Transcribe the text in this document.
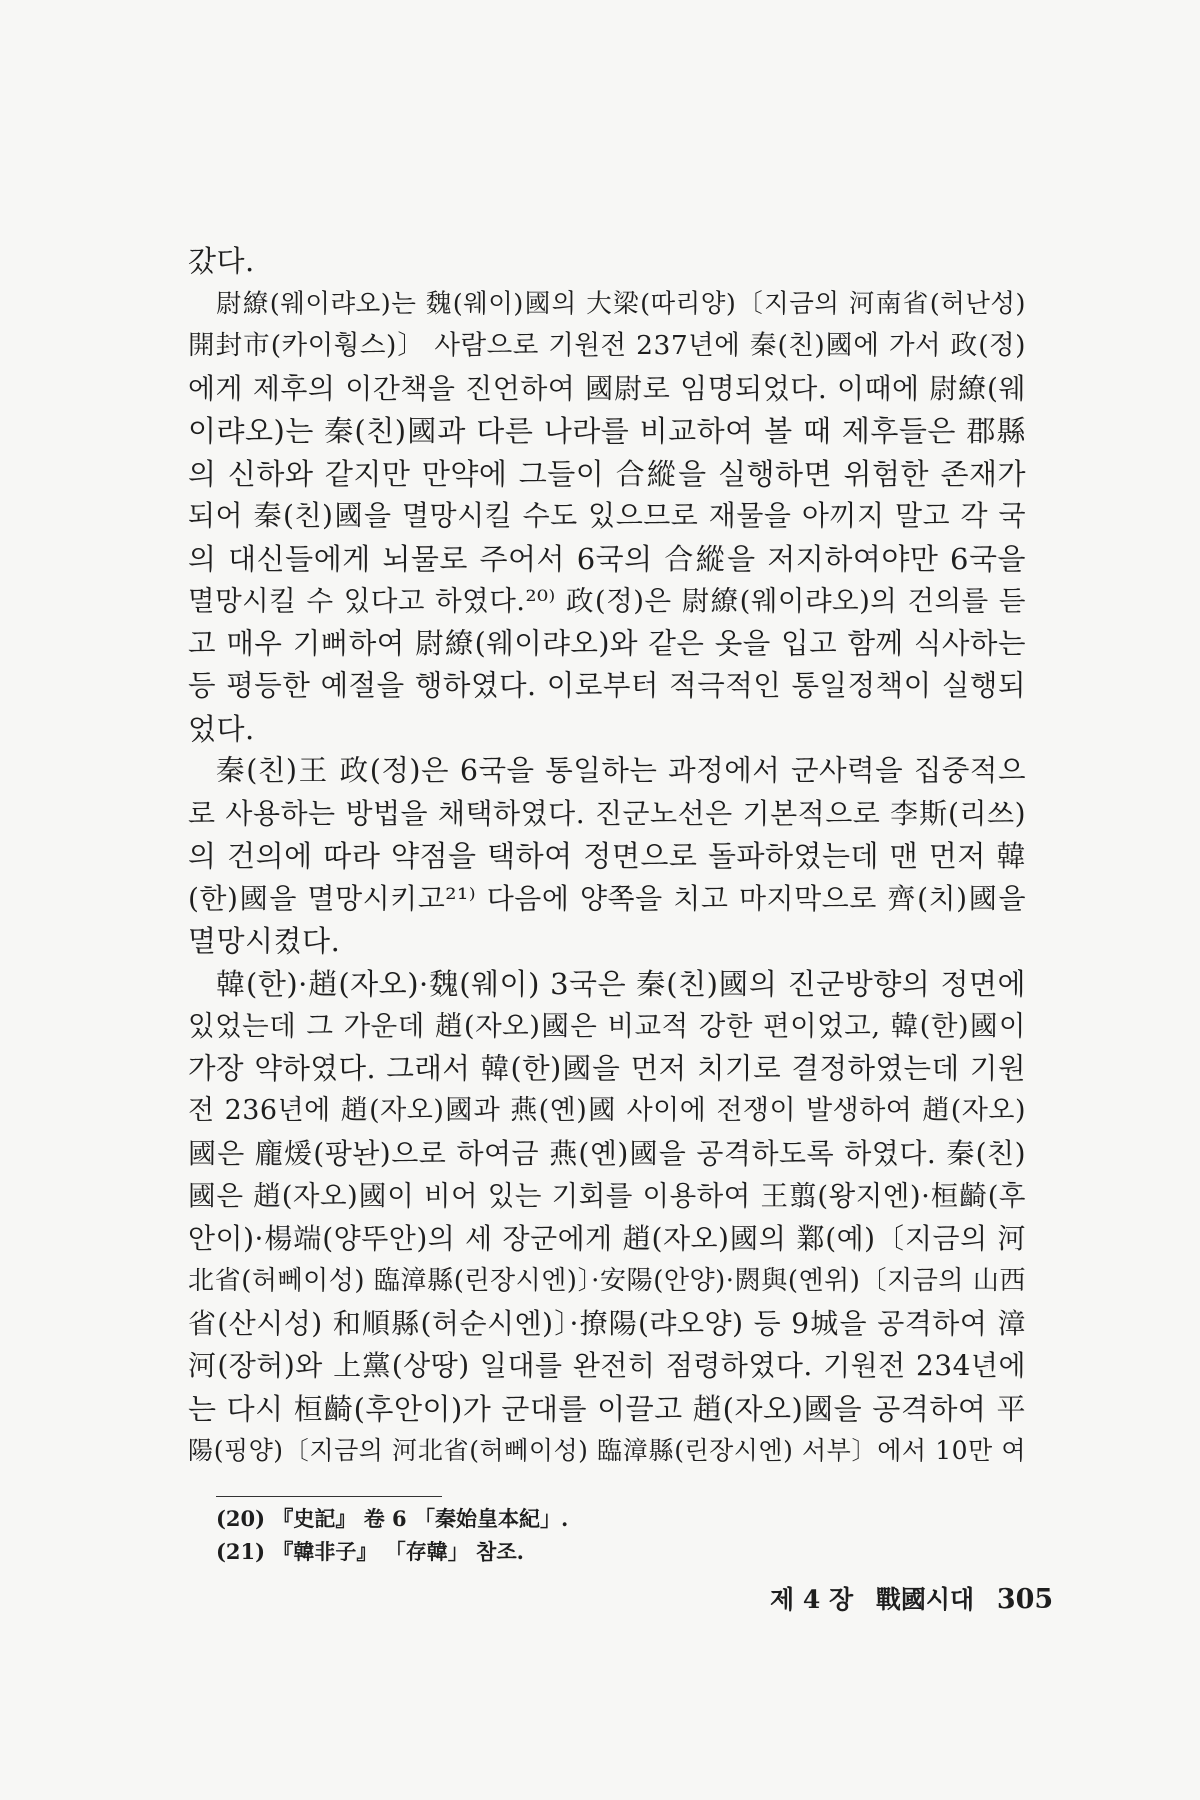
갔다.
尉繚(웨이랴오)는 魏(웨이)國의 大梁(따리양)〔지금의 河南省(허난성)
開封市(카이훵스)〕 사람으로 기원전 237년에 秦(친)國에 가서 政(정)
에게 제후의 이간책을 진언하여 國尉로 임명되었다. 이때에 尉繚(웨
이랴오)는 秦(친)國과 다른 나라를 비교하여 볼 때 제후들은 郡縣
의 신하와 같지만 만약에 그들이 合縱을 실행하면 위험한 존재가
되어 秦(친)國을 멸망시킬 수도 있으므로 재물을 아끼지 말고 각 국
의 대신들에게 뇌물로 주어서 6국의 合縱을 저지하여야만 6국을
멸망시킬 수 있다고 하였다.²⁰⁾ 政(정)은 尉繚(웨이랴오)의 건의를 듣
고 매우 기뻐하여 尉繚(웨이랴오)와 같은 옷을 입고 함께 식사하는
등 평등한 예절을 행하였다. 이로부터 적극적인 통일정책이 실행되
었다.
秦(친)王 政(정)은 6국을 통일하는 과정에서 군사력을 집중적으
로 사용하는 방법을 채택하였다. 진군노선은 기본적으로 李斯(리쓰)
의 건의에 따라 약점을 택하여 정면으로 돌파하였는데 맨 먼저 韓
(한)國을 멸망시키고²¹⁾ 다음에 양쪽을 치고 마지막으로 齊(치)國을
멸망시켰다.
韓(한)·趙(자오)·魏(웨이) 3국은 秦(친)國의 진군방향의 정면에
있었는데 그 가운데 趙(자오)國은 비교적 강한 편이었고, 韓(한)國이
가장 약하였다. 그래서 韓(한)國을 먼저 치기로 결정하였는데 기원
전 236년에 趙(자오)國과 燕(옌)國 사이에 전쟁이 발생하여 趙(자오)
國은 龐煖(팡놘)으로 하여금 燕(옌)國을 공격하도록 하였다. 秦(친)
國은 趙(자오)國이 비어 있는 기회를 이용하여 王翦(왕지엔)·桓齮(후
안이)·楊端(양뚜안)의 세 장군에게 趙(자오)國의 鄴(예)〔지금의 河
北省(허뻬이성) 臨漳縣(린장시엔)〕·安陽(안양)·閼與(옌위)〔지금의 山西
省(산시성) 和順縣(허순시엔)〕·撩陽(랴오양) 등 9城을 공격하여 漳
河(장허)와 上黨(상땅) 일대를 완전히 점령하였다. 기원전 234년에
는 다시 桓齮(후안이)가 군대를 이끌고 趙(자오)國을 공격하여 平
陽(핑양)〔지금의 河北省(허뻬이성) 臨漳縣(린장시엔) 서부〕에서 10만 여
(20) 『史記』 卷 6 「秦始皇本紀」.
(21) 『韓非子』 「存韓」 참조.
제 4 장 戰國시대 305
